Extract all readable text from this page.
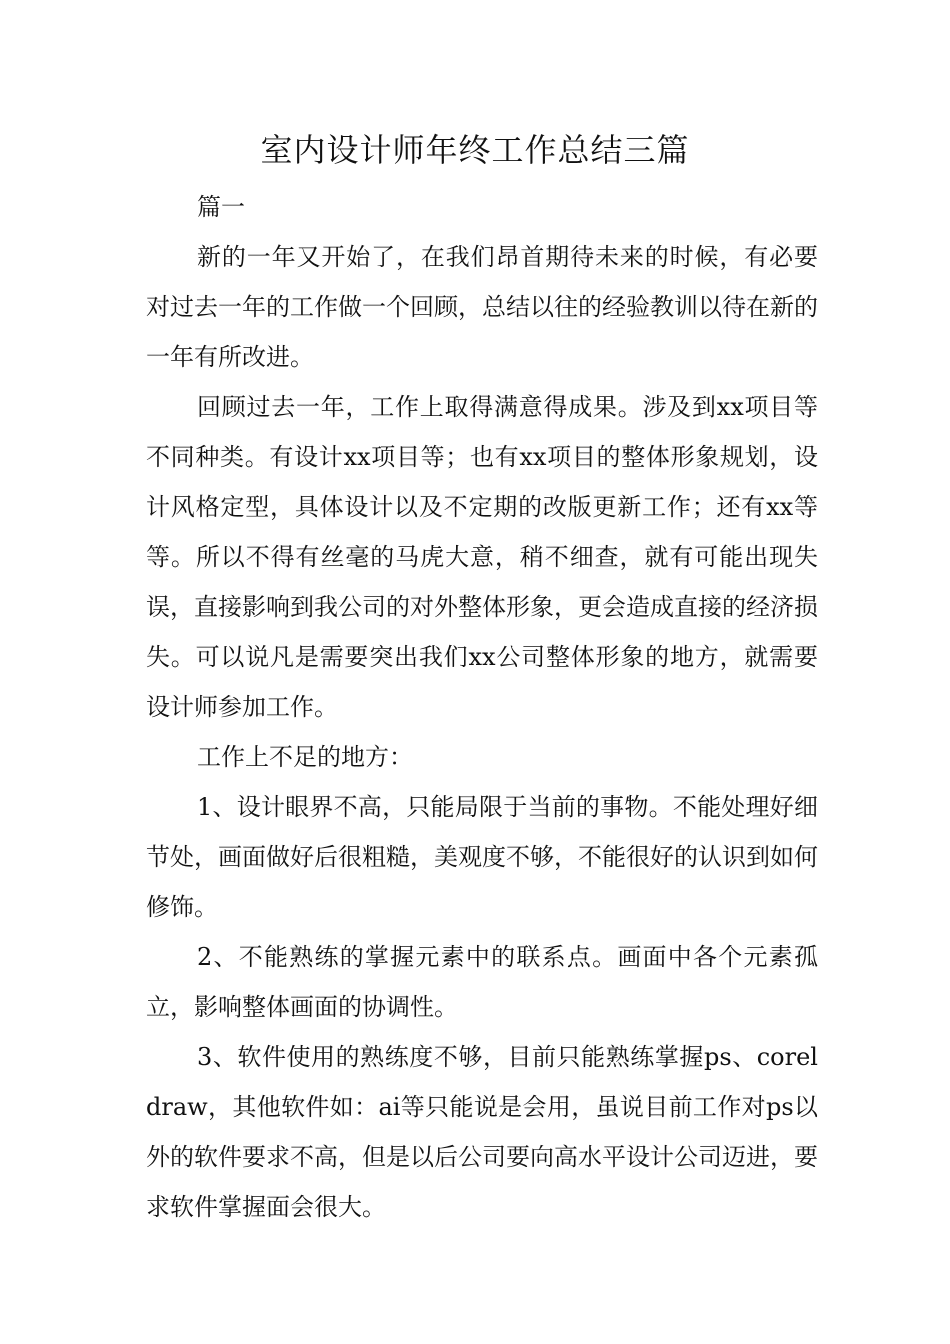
室内设计师年终工作总结三篇

篇一

新的一年又开始了，在我们昂首期待未来的时候，有必要对过去一年的工作做一个回顾，总结以往的经验教训以待在新的一年有所改进。

回顾过去一年，工作上取得满意得成果。涉及到xx项目等不同种类。有设计xx项目等；也有xx项目的整体形象规划，设计风格定型，具体设计以及不定期的改版更新工作；还有xx等等。所以不得有丝毫的马虎大意，稍不细查，就有可能出现失误，直接影响到我公司的对外整体形象，更会造成直接的经济损失。可以说凡是需要突出我们xx公司整体形象的地方，就需要设计师参加工作。

工作上不足的地方：

1、设计眼界不高，只能局限于当前的事物。不能处理好细节处，画面做好后很粗糙，美观度不够，不能很好的认识到如何修饰。

2、不能熟练的掌握元素中的联系点。画面中各个元素孤立，影响整体画面的协调性。

3、软件使用的熟练度不够，目前只能熟练掌握ps、coreldraw，其他软件如：ai等只能说是会用，虽说目前工作对ps以外的软件要求不高，但是以后公司要向高水平设计公司迈进，要求软件掌握面会很大。
